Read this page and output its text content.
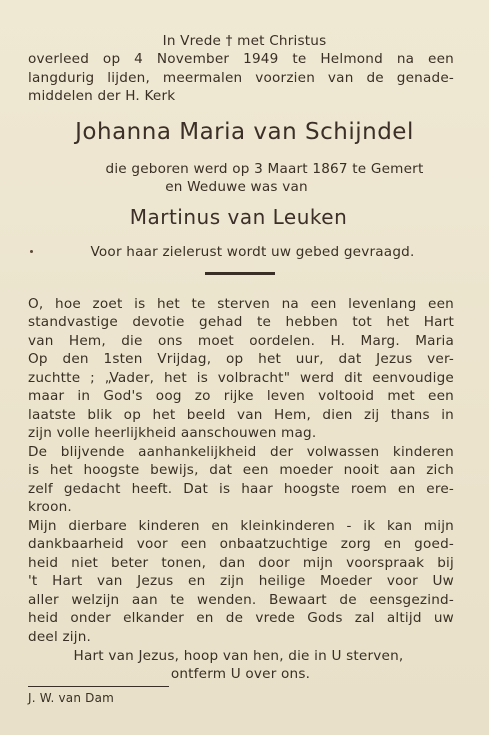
In Vrede † met Christus
overleed op 4 November 1949 te Helmond na een
langdurig lijden, meermalen voorzien van de genade-
middelen der H. Kerk
Johanna Maria van Schijndel
die geboren werd op 3 Maart 1867 te Gemert
en Weduwe was van
Martinus van Leuken
Voor haar zielerust wordt uw gebed gevraagd.
O, hoe zoet is het te sterven na een levenlang een
standvastige devotie gehad te hebben tot het Hart
van Hem, die ons moet oordelen. H. Marg. Maria
Op den 1sten Vrijdag, op het uur, dat Jezus ver-
zuchtte ; „Vader, het is volbracht" werd dit eenvoudige
maar in God's oog zo rijke leven voltooid met een
laatste blik op het beeld van Hem, dien zij thans in
zijn volle heerlijkheid aanschouwen mag.
De blijvende aanhankelijkheid der volwassen kinderen
is het hoogste bewijs, dat een moeder nooit aan zich
zelf gedacht heeft. Dat is haar hoogste roem en ere-
kroon.
Mijn dierbare kinderen en kleinkinderen - ik kan mijn
dankbaarheid voor een onbaatzuchtige zorg en goed-
heid niet beter tonen, dan door mijn voorspraak bij
't Hart van Jezus en zijn heilige Moeder voor Uw
aller welzijn aan te wenden. Bewaart de eensgezind-
heid onder elkander en de vrede Gods zal altijd uw
deel zijn.
Hart van Jezus, hoop van hen, die in U sterven,
ontferm U over ons.
J. W. van Dam
